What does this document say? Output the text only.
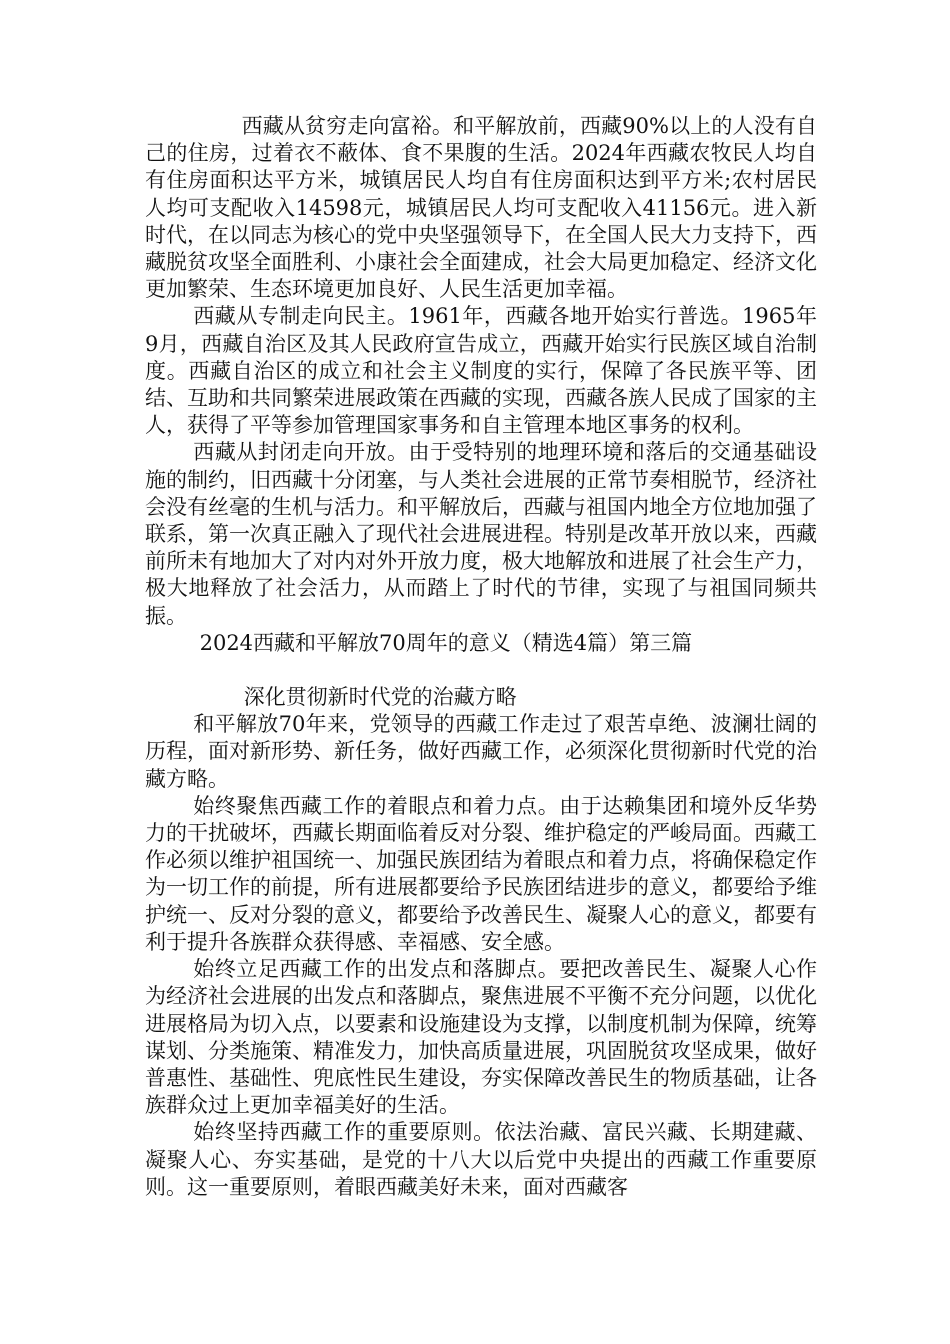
西藏从贫穷走向富裕。和平解放前，西藏90%以上的人没有自己的住房，过着衣不蔽体、食不果腹的生活。2024年西藏农牧民人均自有住房面积达平方米，城镇居民人均自有住房面积达到平方米;农村居民人均可支配收入14598元，城镇居民人均可支配收入41156元。进入新时代，在以同志为核心的党中央坚强领导下，在全国人民大力支持下，西藏脱贫攻坚全面胜利、小康社会全面建成，社会大局更加稳定、经济文化更加繁荣、生态环境更加良好、人民生活更加幸福。

西藏从专制走向民主。1961年，西藏各地开始实行普选。1965年9月，西藏自治区及其人民政府宣告成立，西藏开始实行民族区域自治制度。西藏自治区的成立和社会主义制度的实行，保障了各民族平等、团结、互助和共同繁荣进展政策在西藏的实现，西藏各族人民成了国家的主人，获得了平等参加管理国家事务和自主管理本地区事务的权利。

西藏从封闭走向开放。由于受特别的地理环境和落后的交通基础设施的制约，旧西藏十分闭塞，与人类社会进展的正常节奏相脱节，经济社会没有丝毫的生机与活力。和平解放后，西藏与祖国内地全方位地加强了联系，第一次真正融入了现代社会进展进程。特别是改革开放以来，西藏前所未有地加大了对内对外开放力度，极大地解放和进展了社会生产力，极大地释放了社会活力，从而踏上了时代的节律，实现了与祖国同频共振。

2024西藏和平解放70周年的意义（精选4篇）第三篇

深化贯彻新时代党的治藏方略

和平解放70年来，党领导的西藏工作走过了艰苦卓绝、波澜壮阔的历程，面对新形势、新任务，做好西藏工作，必须深化贯彻新时代党的治藏方略。

始终聚焦西藏工作的着眼点和着力点。由于达赖集团和境外反华势力的干扰破坏，西藏长期面临着反对分裂、维护稳定的严峻局面。西藏工作必须以维护祖国统一、加强民族团结为着眼点和着力点，将确保稳定作为一切工作的前提，所有进展都要给予民族团结进步的意义，都要给予维护统一、反对分裂的意义，都要给予改善民生、凝聚人心的意义，都要有利于提升各族群众获得感、幸福感、安全感。

始终立足西藏工作的出发点和落脚点。要把改善民生、凝聚人心作为经济社会进展的出发点和落脚点，聚焦进展不平衡不充分问题，以优化进展格局为切入点，以要素和设施建设为支撑，以制度机制为保障，统筹谋划、分类施策、精准发力，加快高质量进展，巩固脱贫攻坚成果，做好普惠性、基础性、兜底性民生建设，夯实保障改善民生的物质基础，让各族群众过上更加幸福美好的生活。

始终坚持西藏工作的重要原则。依法治藏、富民兴藏、长期建藏、凝聚人心、夯实基础，是党的十八大以后党中央提出的西藏工作重要原则。这一重要原则，着眼西藏美好未来，面对西藏客
